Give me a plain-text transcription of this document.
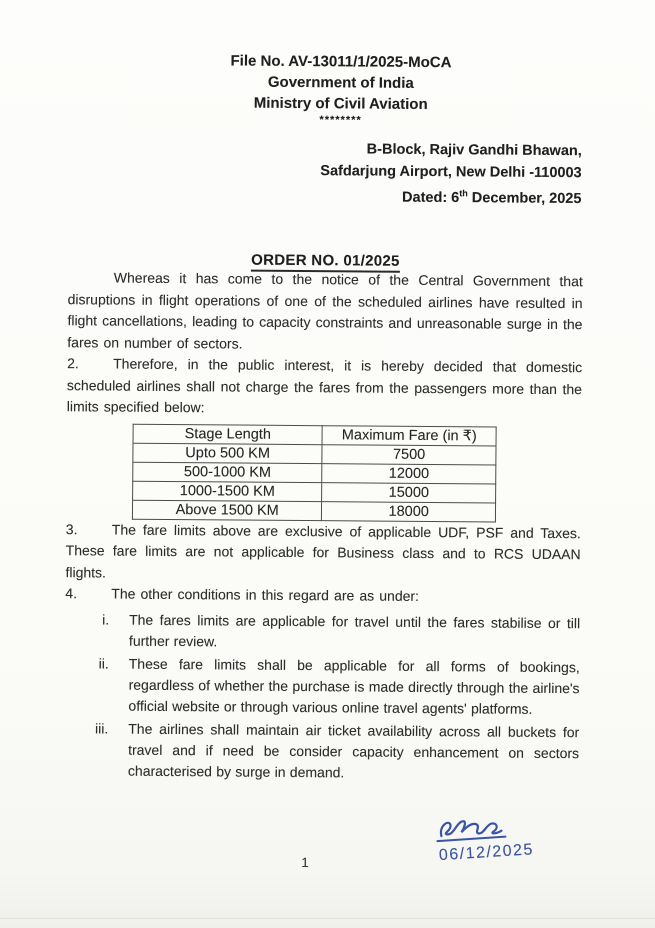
File No. AV-13011/1/2025-MoCA
Government of India
Ministry of Civil Aviation
********
B-Block, Rajiv Gandhi Bhawan,
Safdarjung Airport, New Delhi -110003
Dated: 6th December, 2025
ORDER NO. 01/2025

Whereas it has come to the notice of the Central Government that disruptions in flight operations of one of the scheduled airlines have resulted in flight cancellations, leading to capacity constraints and unreasonable surge in the fares on number of sectors.

2. Therefore, in the public interest, it is hereby decided that domestic scheduled airlines shall not charge the fares from the passengers more than the limits specified below:

Stage Length	Maximum Fare (in ₹)
Upto 500 KM	7500
500-1000 KM	12000
1000-1500 KM	15000
Above 1500 KM	18000

3. The fare limits above are exclusive of applicable UDF, PSF and Taxes. These fare limits are not applicable for Business class and to RCS UDAAN flights.

4. The other conditions in this regard are as under:

i.	The fares limits are applicable for travel until the fares stabilise or till further review.
ii.	These fare limits shall be applicable for all forms of bookings, regardless of whether the purchase is made directly through the airline's official website or through various online travel agents' platforms.
iii.	The airlines shall maintain air ticket availability across all buckets for travel and if need be consider capacity enhancement on sectors characterised by surge in demand.
06/12/2025
1
